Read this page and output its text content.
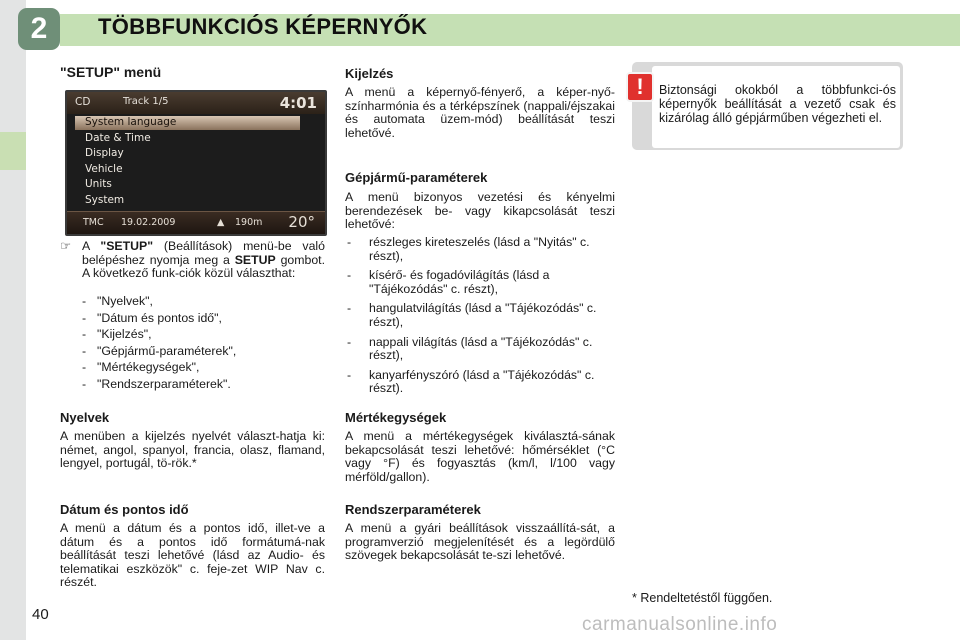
2	TÖBBFUNKCIÓS KÉPERNYŐK
"SETUP" menü
CD	Track 1/5	4:01
System language
Date & Time
Display
Vehicle
Units
System
TMC 19.02.2009	▲ 190m 20°
☞ A "SETUP" (Beállítások) menü-be való belépéshez nyomja meg a SETUP gombot. A következő funk-ciók közül választhat:
- "Nyelvek",
- "Dátum és pontos idő",
- "Kijelzés",
- "Gépjármű-paraméterek",
- "Mértékegységek",
- "Rendszerparaméterek".
Nyelvek
A menüben a kijelzés nyelvét választ-hatja ki: német, angol, spanyol, francia, olasz, flamand, lengyel, portugál, tö-rök.*
Dátum és pontos idő
A menü a dátum és a pontos idő, illet-ve a dátum és a pontos idő formátumá-nak beállítását teszi lehetővé (lásd az Audio- és telematikai eszközök" c. feje-zet WIP Nav c. részét.
Kijelzés
A menü a képernyő-fényerő, a képer-nyő-színharmónia és a térképszínek (nappali/éjszakai és automata üzem-mód) beállítását teszi lehetővé.
Gépjármű-paraméterek
A menü bizonyos vezetési és kényelmi berendezések be- vagy kikapcsolását teszi lehetővé:
- részleges kireteszelés (lásd a "Nyitás" c. részt),
- kísérő- és fogadóvilágítás (lásd a "Tájékozódás" c. részt),
- hangulatvilágítás (lásd a "Tájékozódás" c. részt),
- nappali világítás (lásd a "Tájékozódás" c. részt),
- kanyarfényszóró (lásd a "Tájékozódás" c. részt).
Mértékegységek
A menü a mértékegységek kiválasztá-sának bekapcsolását teszi lehetővé: hőmérséklet (°C vagy °F) és fogyasztás (km/l, l/100 vagy mérföld/gallon).
Rendszerparaméterek
A menü a gyári beállítások visszaállítá-sát, a programverzió megjelenítését és a legördülő szövegek bekapcsolását te-szi lehetővé.
Biztonsági okokból a többfunkci-ós képernyők beállítását a vezető csak és kizárólag álló gépjárműben végezheti el.
!
* Rendeltetéstől függően.
40	carmanualsonline.info
